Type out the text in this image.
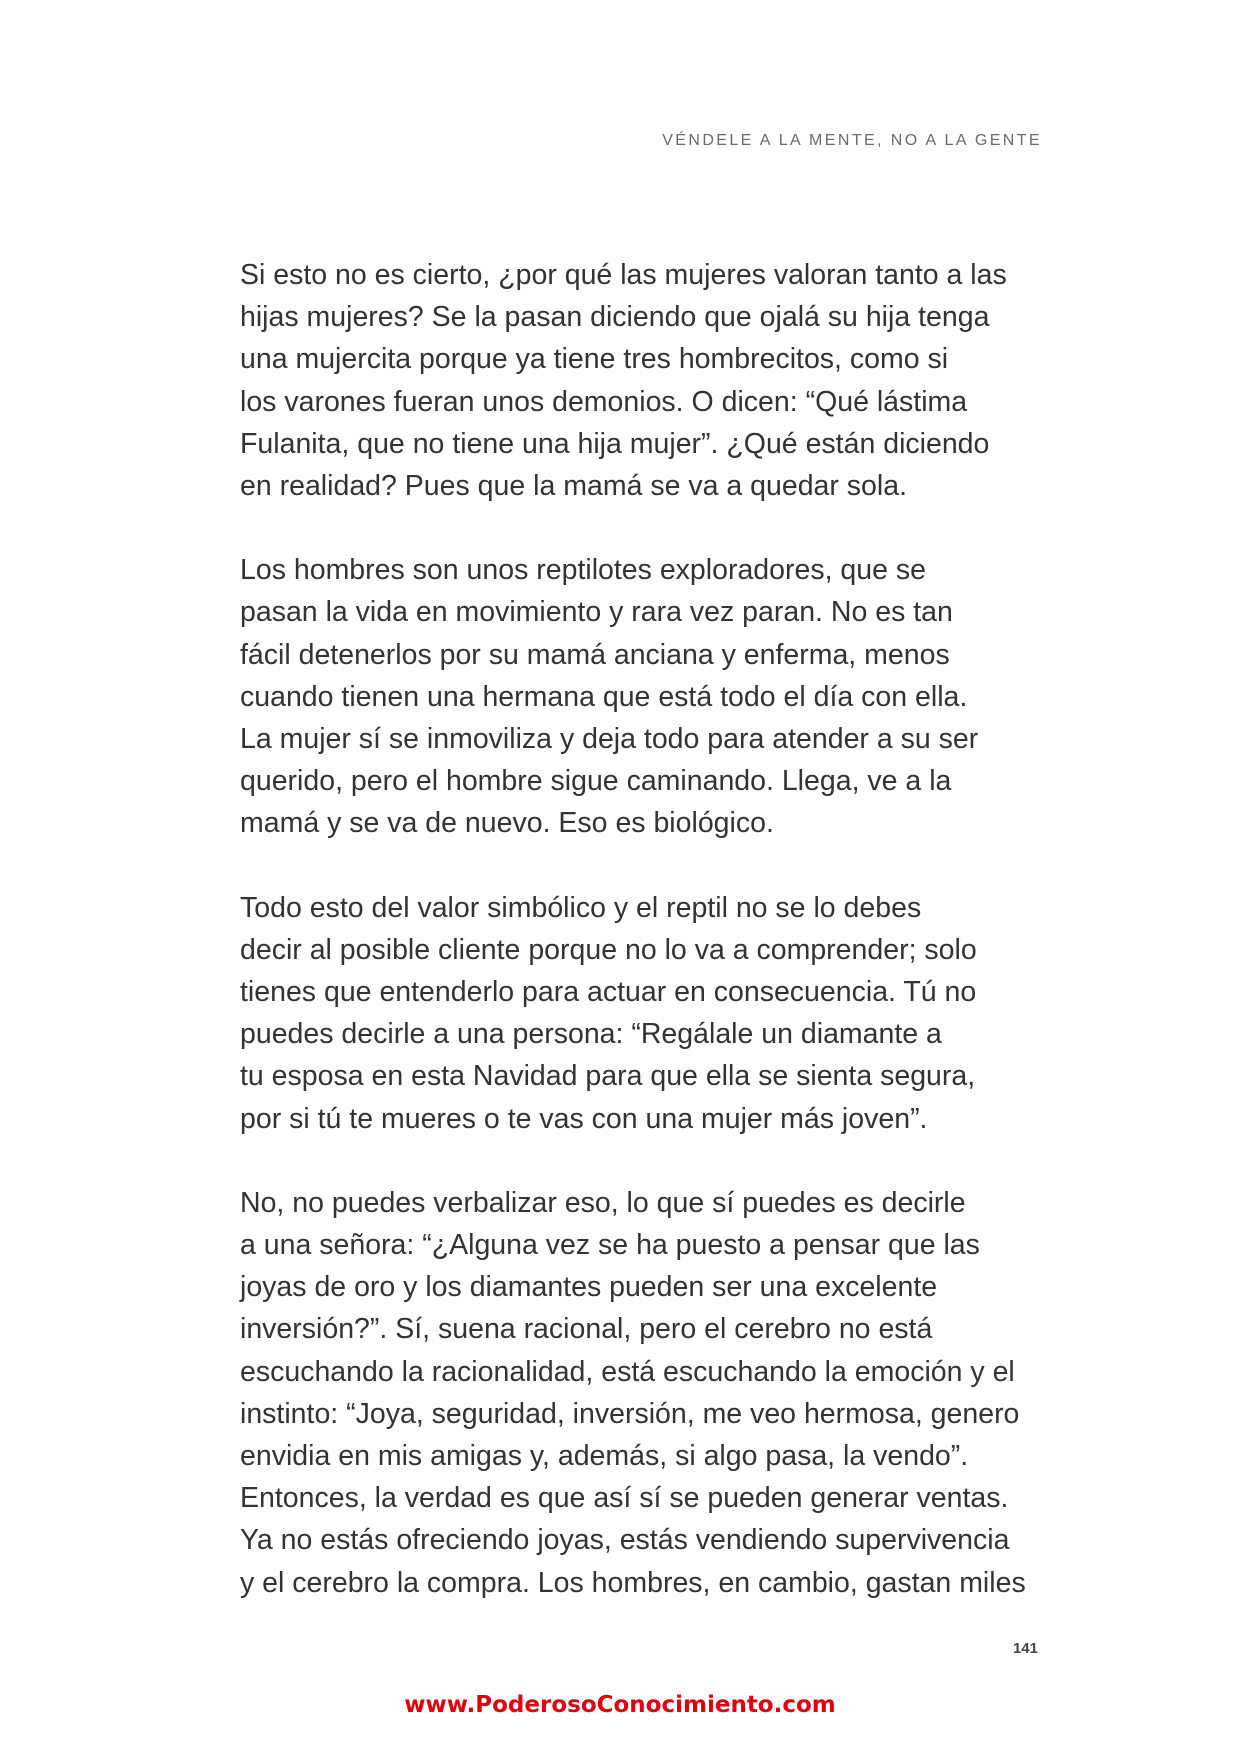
VÉNDELE A LA MENTE, NO A LA GENTE

Si esto no es cierto, ¿por qué las mujeres valoran tanto a las
hijas mujeres? Se la pasan diciendo que ojalá su hija tenga
una mujercita porque ya tiene tres hombrecitos, como si
los varones fueran unos demonios. O dicen: “Qué lástima
Fulanita, que no tiene una hija mujer”. ¿Qué están diciendo
en realidad? Pues que la mamá se va a quedar sola.

Los hombres son unos reptilotes exploradores, que se
pasan la vida en movimiento y rara vez paran. No es tan
fácil detenerlos por su mamá anciana y enferma, menos
cuando tienen una hermana que está todo el día con ella.
La mujer sí se inmoviliza y deja todo para atender a su ser
querido, pero el hombre sigue caminando. Llega, ve a la
mamá y se va de nuevo. Eso es biológico.

Todo esto del valor simbólico y el reptil no se lo debes
decir al posible cliente porque no lo va a comprender; solo
tienes que entenderlo para actuar en consecuencia. Tú no
puedes decirle a una persona: “Regálale un diamante a
tu esposa en esta Navidad para que ella se sienta segura,
por si tú te mueres o te vas con una mujer más joven”.

No, no puedes verbalizar eso, lo que sí puedes es decirle
a una señora: “¿Alguna vez se ha puesto a pensar que las
joyas de oro y los diamantes pueden ser una excelente
inversión?”. Sí, suena racional, pero el cerebro no está
escuchando la racionalidad, está escuchando la emoción y el
instinto: “Joya, seguridad, inversión, me veo hermosa, genero
envidia en mis amigas y, además, si algo pasa, la vendo”.
Entonces, la verdad es que así sí se pueden generar ventas.
Ya no estás ofreciendo joyas, estás vendiendo supervivencia
y el cerebro la compra. Los hombres, en cambio, gastan miles

141
www.PoderosoConocimiento.com
